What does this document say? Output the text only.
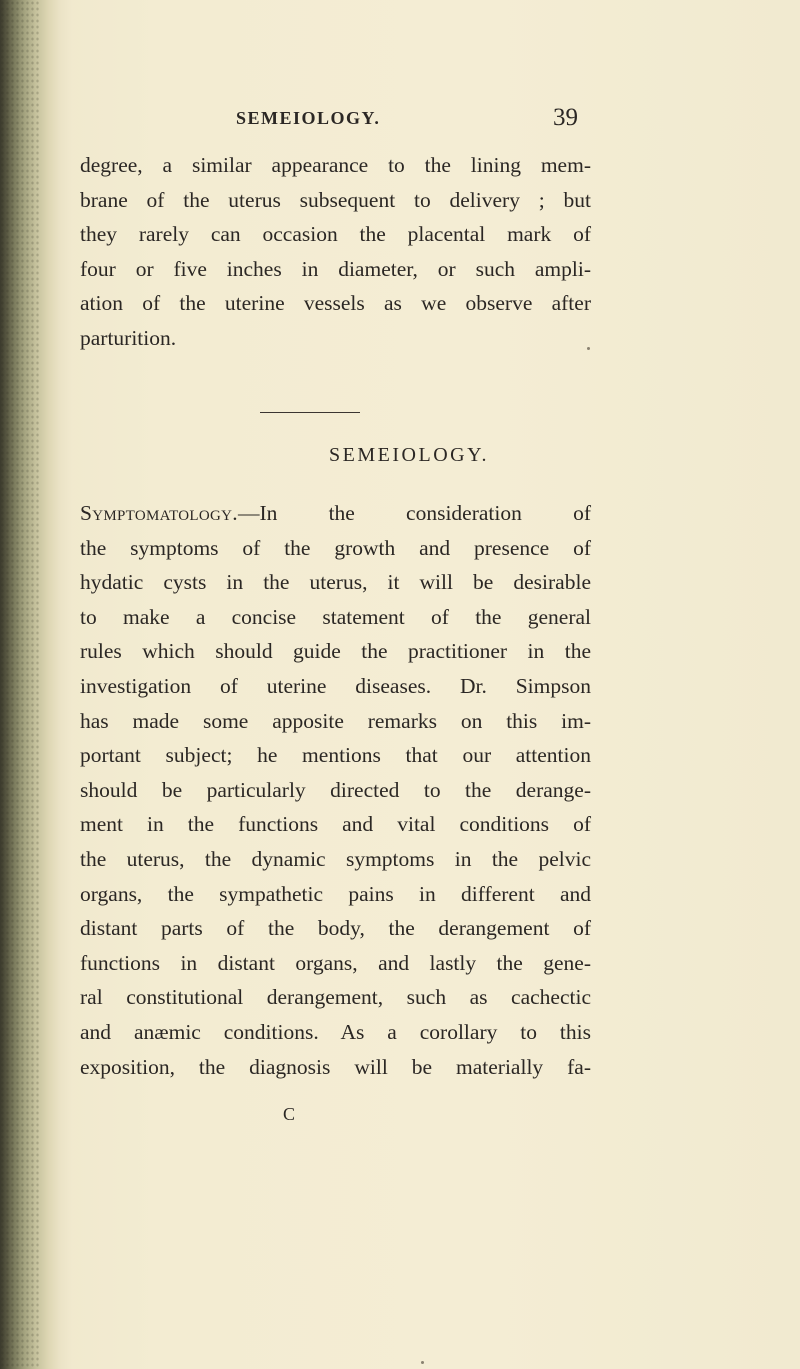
SEMEIOLOGY.	39
degree, a similar appearance to the lining mem-
brane of the uterus subsequent to delivery ; but
they rarely can occasion the placental mark of
four or five inches in diameter, or such ampli-
ation of the uterine vessels as we observe after
parturition.
SEMEIOLOGY.
Symptomatology.—In the consideration of
the symptoms of the growth and presence of
hydatic cysts in the uterus, it will be desirable
to make a concise statement of the general
rules which should guide the practitioner in the
investigation of uterine diseases. Dr. Simpson
has made some apposite remarks on this im-
portant subject; he mentions that our attention
should be particularly directed to the derange-
ment in the functions and vital conditions of
the uterus, the dynamic symptoms in the pelvic
organs, the sympathetic pains in different and
distant parts of the body, the derangement of
functions in distant organs, and lastly the gene-
ral constitutional derangement, such as cachectic
and anæmic conditions. As a corollary to this
exposition, the diagnosis will be materially fa-
C
